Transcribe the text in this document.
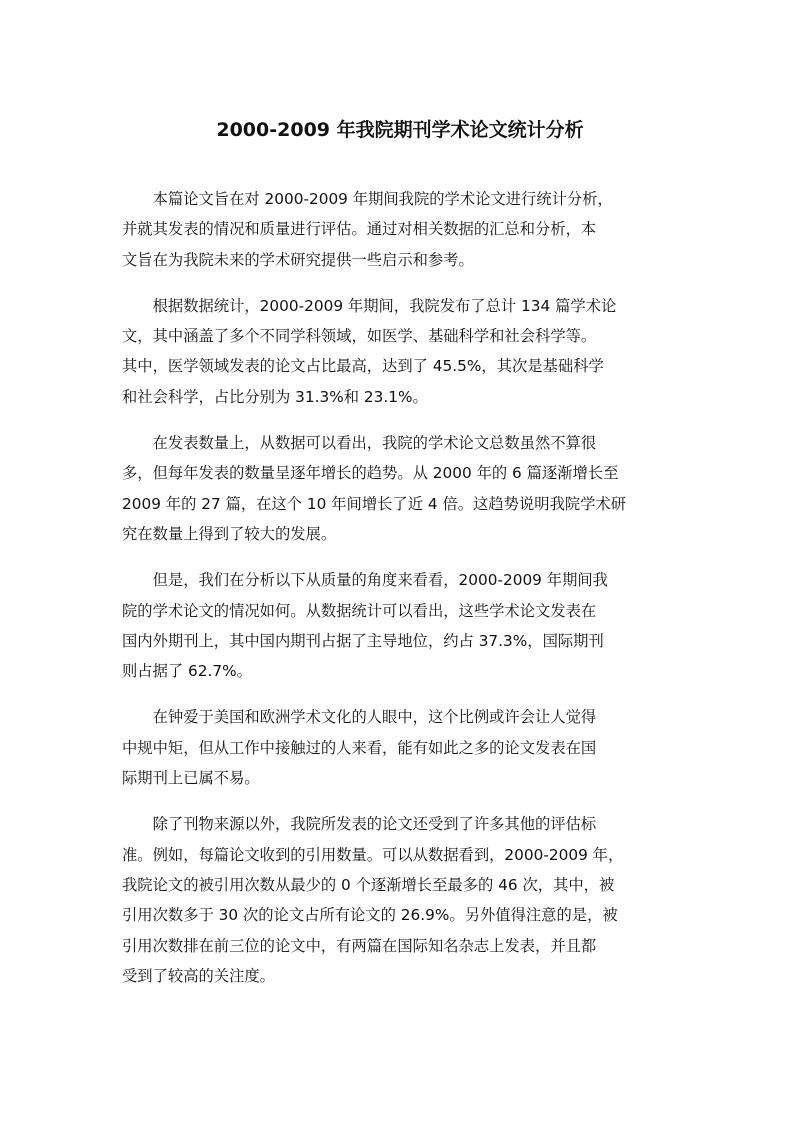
2000-2009 年我院期刊学术论文统计分析

本篇论文旨在对 2000-2009 年期间我院的学术论文进行统计分析，
并就其发表的情况和质量进行评估。通过对相关数据的汇总和分析，本
文旨在为我院未来的学术研究提供一些启示和参考。

根据数据统计，2000-2009 年期间，我院发布了总计 134 篇学术论
文，其中涵盖了多个不同学科领域，如医学、基础科学和社会科学等。
其中，医学领域发表的论文占比最高，达到了 45.5%，其次是基础科学
和社会科学，占比分别为 31.3%和 23.1%。

在发表数量上，从数据可以看出，我院的学术论文总数虽然不算很
多，但每年发表的数量呈逐年增长的趋势。从 2000 年的 6 篇逐渐增长至
2009 年的 27 篇，在这个 10 年间增长了近 4 倍。这趋势说明我院学术研
究在数量上得到了较大的发展。

但是，我们在分析以下从质量的角度来看看，2000-2009 年期间我
院的学术论文的情况如何。从数据统计可以看出，这些学术论文发表在
国内外期刊上，其中国内期刊占据了主导地位，约占 37.3%，国际期刊
则占据了 62.7%。

在钟爱于美国和欧洲学术文化的人眼中，这个比例或许会让人觉得
中规中矩，但从工作中接触过的人来看，能有如此之多的论文发表在国
际期刊上已属不易。

除了刊物来源以外，我院所发表的论文还受到了许多其他的评估标
准。例如，每篇论文收到的引用数量。可以从数据看到，2000-2009 年，
我院论文的被引用次数从最少的 0 个逐渐增长至最多的 46 次，其中，被
引用次数多于 30 次的论文占所有论文的 26.9%。另外值得注意的是，被
引用次数排在前三位的论文中，有两篇在国际知名杂志上发表，并且都
受到了较高的关注度。
